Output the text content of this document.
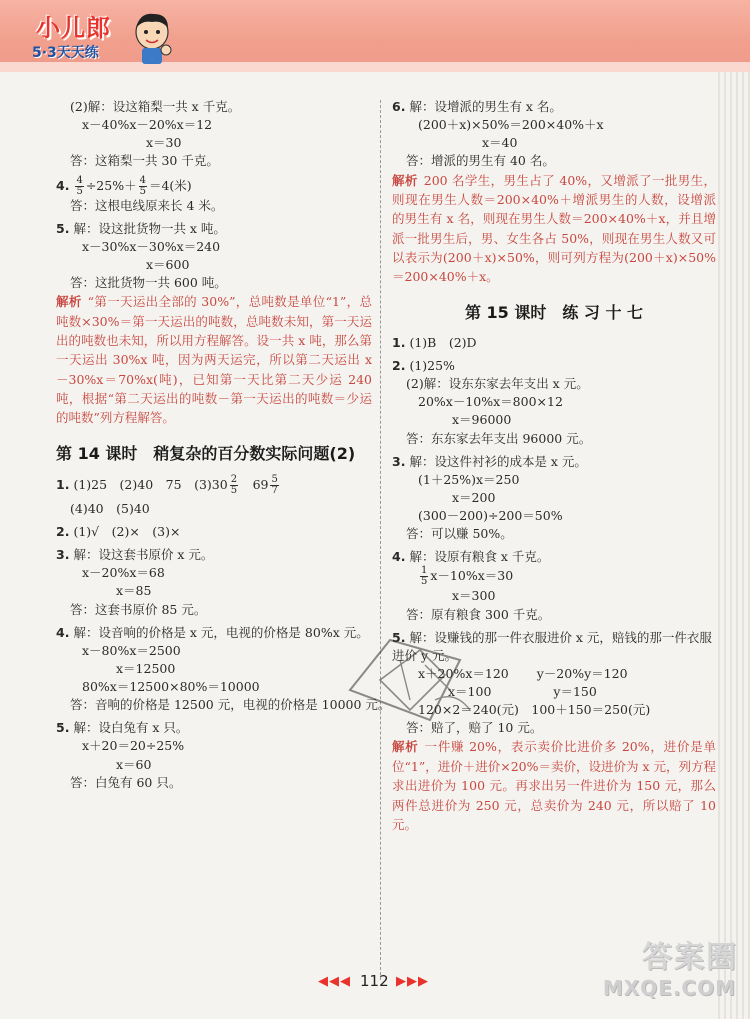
小儿郎
5·3天天练
(2)解：设这箱梨一共 x 千克。
x－40%x－20%x＝12
x＝30
答：这箱梨一共 30 千克。
4. $\frac{4}{5} \div 25\%+ \frac{4}{5} =4$(米)
答：这根电线原来长 4 米。
5. 解：设这批货物一共 x 吨。
x－30%x－30%x＝240
x＝600
答：这批货物一共 600 吨。
解析 “第一天运出全部的 30%”，总吨数是单位“1”，总吨数×30%＝第一天运出的吨数，总吨数未知，第一天运出的吨数也未知，所以用方程解答。设一共 x 吨，那么第一天运出 30%x 吨，因为两天运完，所以第二天运出 x－30%x＝70%x(吨)，已知第一天比第二天少运 240 吨，根据“第二天运出的吨数－第一天运出的吨数＝少运的吨数”列方程解答。
第 14 课时　稍复杂的百分数实际问题(2)
1. (1)25　(2)40　75　$(3)30 \frac{2}{5}$ 　$69 \frac{5}{7}$
(4)40　(5)40
2. (1)√　(2)×　(3)×
3. 解：设这套书原价 x 元。
x－20%x＝68
x＝85
答：这套书原价 85 元。
4. 解：设音响的价格是 x 元，电视的价格是 80%x 元。
x－80%x＝2500
x＝12500
80%x＝12500×80%＝10000
答：音响的价格是 12500 元，电视的价格是 10000 元。
5. 解：设白兔有 x 只。
x＋20＝20÷25%
x＝60
答：白兔有 60 只。
6. 解：设增派的男生有 x 名。
(200＋x)×50%＝200×40%＋x
x＝40
答：增派的男生有 40 名。
解析 200 名学生，男生占了 40%，又增派了一批男生，则现在男生人数＝200×40%＋增派男生的人数，设增派的男生有 x 名，则现在男生人数＝200×40%＋x，并且增派一批男生后，男、女生各占 50%，则现在男生人数又可以表示为(200＋x)×50%，则可列方程为(200＋x)×50%＝200×40%＋x。
第 15 课时　练 习 十 七
1. (1)B　(2)D
2. (1)25%
(2)解：设东东家去年支出 x 元。
20%x－10%x＝800×12
x＝96000
答：东东家去年支出 96000 元。
3. 解：设这件衬衫的成本是 x 元。
(1＋25%)x＝250
x＝200
(300－200)÷200＝50%
答：可以赚 50%。
4. 解：设原有粮食 x 千克。
$\frac{1}{5} x-10\%x=30$
x＝300
答：原有粮食 300 千克。
5. 解：设赚钱的那一件衣服进价 x 元，赔钱的那一件衣服进价 y 元。
x＋20%x＝120 y－20%y＝120
x＝100	y＝150
120×2＝240(元)　100＋150＝250(元)
答：赔了，赔了 10 元。
解析 一件赚 20%，表示卖价比进价多 20%，进价是单位“1”，进价＋进价×20%＝卖价，设进价为 x 元，列方程求出进价为 100 元。再求出另一件进价为 150 元，那么两件总进价为 250 元，总卖价为 240 元，所以赔了 10 元。
◀◀◀ 112 ▶▶▶
答案圈
MXQE.COM
